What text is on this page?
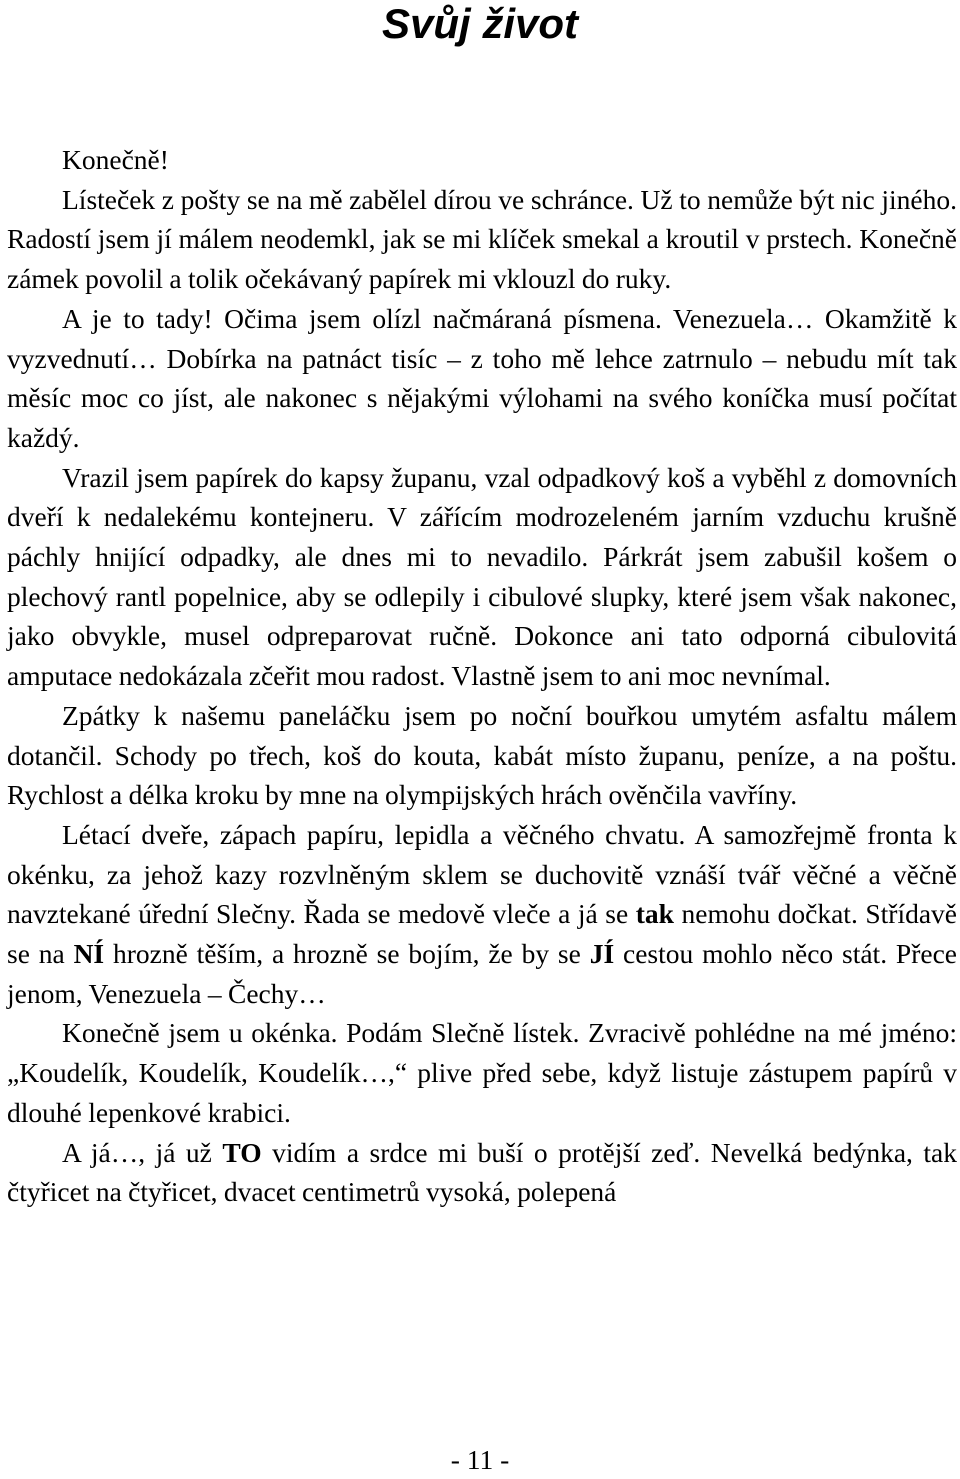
Svůj život

Konečně!

Lísteček z pošty se na mě zabělel dírou ve schránce. Už to nemůže být nic jiného. Radostí jsem jí málem neodemkl, jak se mi klíček smekal a kroutil v prstech. Konečně zámek povolil a tolik očekávaný papírek mi vklouzl do ruky.

A je to tady! Očima jsem olízl načmáraná písmena. Venezuela… Okamžitě k vyzvednutí… Dobírka na patnáct tisíc – z toho mě lehce zatrnulo – nebudu mít tak měsíc moc co jíst, ale nakonec s nějakými výlohami na svého koníčka musí počítat každý.

Vrazil jsem papírek do kapsy županu, vzal odpadkový koš a vyběhl z domovních dveří k nedalekému kontejneru. V zářícím modrozeleném jarním vzduchu krušně páchly hnijící odpadky, ale dnes mi to nevadilo. Párkrát jsem zabušil košem o plechový rantl popelnice, aby se odlepily i cibulové slupky, které jsem však nakonec, jako obvykle, musel odpreparovat ručně. Dokonce ani tato odporná cibulovitá amputace nedokázala zčeřit mou radost. Vlastně jsem to ani moc nevnímal.

Zpátky k našemu paneláčku jsem po noční bouřkou umytém asfaltu málem dotančil. Schody po třech, koš do kouta, kabát místo županu, peníze, a na poštu. Rychlost a délka kroku by mne na olympijských hrách ověnčila vavříny.

Létací dveře, zápach papíru, lepidla a věčného chvatu. A samozřejmě fronta k okénku, za jehož kazy rozvlněným sklem se duchovitě vznáší tvář věčné a věčně navztekané úřední Slečny. Řada se medově vleče a já se tak nemohu dočkat. Střídavě se na NÍ hrozně těším, a hrozně se bojím, že by se JÍ cestou mohlo něco stát. Přece jenom, Venezuela – Čechy…

Konečně jsem u okénka. Podám Slečně lístek. Zvracivě pohlédne na mé jméno: „Koudelík, Koudelík, Koudelík…,“ plive před sebe, když listuje zástupem papírů v dlouhé lepenkové krabici.

A já…, já už TO vidím a srdce mi buší o protější zeď. Nevelká bedýnka, tak čtyřicet na čtyřicet, dvacet centimetrů vysoká, polepená

- 11 -
